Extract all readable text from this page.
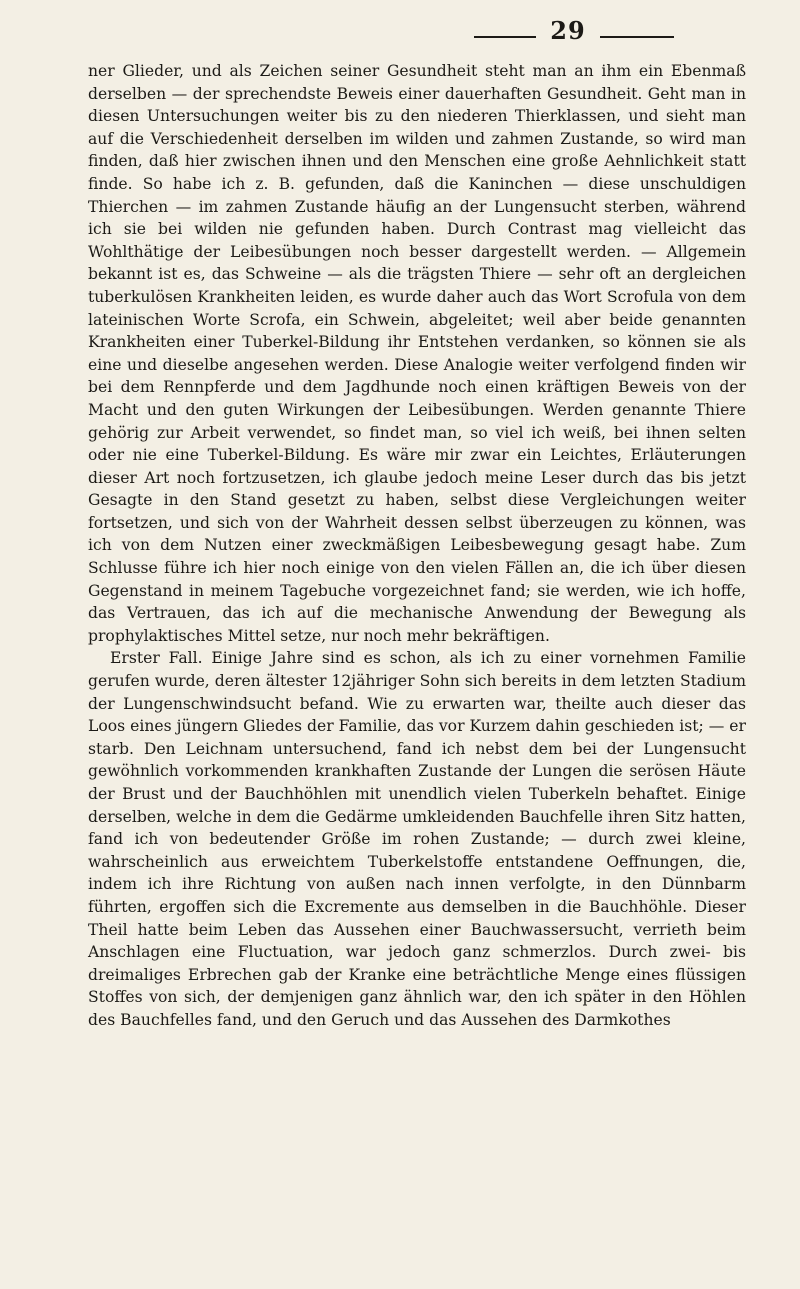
29

ner Glieder, und als Zeichen seiner Gesundheit steht man an ihm ein Ebenmaß derselben — der sprechendste Beweis einer dauerhaften Gesundheit. Geht man in diesen Untersuchungen weiter bis zu den niederen Thierklassen, und sieht man auf die Verschiedenheit derselben im wilden und zahmen Zustande, so wird man finden, daß hier zwischen ihnen und den Menschen eine große Aehnlichkeit statt finde. So habe ich z. B. gefunden, daß die Kaninchen — diese unschuldigen Thierchen — im zahmen Zustande häufig an der Lungensucht sterben, während ich sie bei wilden nie gefunden haben. Durch Contrast mag vielleicht das Wohlthätige der Leibesübungen noch besser dargestellt werden. — Allgemein bekannt ist es, das Schweine — als die trägsten Thiere — sehr oft an dergleichen tuberkulösen Krankheiten leiden, es wurde daher auch das Wort Scrofula von dem lateinischen Worte Scrofa, ein Schwein, abgeleitet; weil aber beide genannten Krankheiten einer Tuberkel-Bildung ihr Entstehen verdanken, so können sie als eine und dieselbe angesehen werden. Diese Analogie weiter verfolgend finden wir bei dem Rennpferde und dem Jagdhunde noch einen kräftigen Beweis von der Macht und den guten Wirkungen der Leibesübungen. Werden genannte Thiere gehörig zur Arbeit verwendet, so findet man, so viel ich weiß, bei ihnen selten oder nie eine Tuberkel-Bildung. Es wäre mir zwar ein Leichtes, Erläuterungen dieser Art noch fortzusetzen, ich glaube jedoch meine Leser durch das bis jetzt Gesagte in den Stand gesetzt zu haben, selbst diese Vergleichungen weiter fortsetzen, und sich von der Wahrheit dessen selbst überzeugen zu können, was ich von dem Nutzen einer zweckmäßigen Leibesbewegung gesagt habe. Zum Schlusse führe ich hier noch einige von den vielen Fällen an, die ich über diesen Gegenstand in meinem Tagebuche vorgezeichnet fand; sie werden, wie ich hoffe, das Vertrauen, das ich auf die mechanische Anwendung der Bewegung als prophylaktisches Mittel setze, nur noch mehr bekräftigen.

Erster Fall. Einige Jahre sind es schon, als ich zu einer vornehmen Familie gerufen wurde, deren ältester 12jähriger Sohn sich bereits in dem letzten Stadium der Lungenschwindsucht befand. Wie zu erwarten war, theilte auch dieser das Loos eines jüngern Gliedes der Familie, das vor Kurzem dahin geschieden ist; — er starb. Den Leichnam untersuchend, fand ich nebst dem bei der Lungensucht gewöhnlich vorkommenden krankhaften Zustande der Lungen die serösen Häute der Brust und der Bauchhöhlen mit unendlich vielen Tuberkeln behaftet. Einige derselben, welche in dem die Gedärme umkleidenden Bauchfelle ihren Sitz hatten, fand ich von bedeutender Größe im rohen Zustande; — durch zwei kleine, wahrscheinlich aus erweichtem Tuberkelstoffe entstandene Oeffnungen, die, indem ich ihre Richtung von außen nach innen verfolgte, in den Dünnbarm führten, ergoffen sich die Excremente aus demselben in die Bauchhöhle. Dieser Theil hatte beim Leben das Aussehen einer Bauchwassersucht, verrieth beim Anschlagen eine Fluctuation, war jedoch ganz schmerzlos. Durch zwei- bis dreimaliges Erbrechen gab der Kranke eine beträchtliche Menge eines flüssigen Stoffes von sich, der demjenigen ganz ähnlich war, den ich später in den Höhlen des Bauchfelles fand, und den Geruch und das Aussehen des Darmkothes
